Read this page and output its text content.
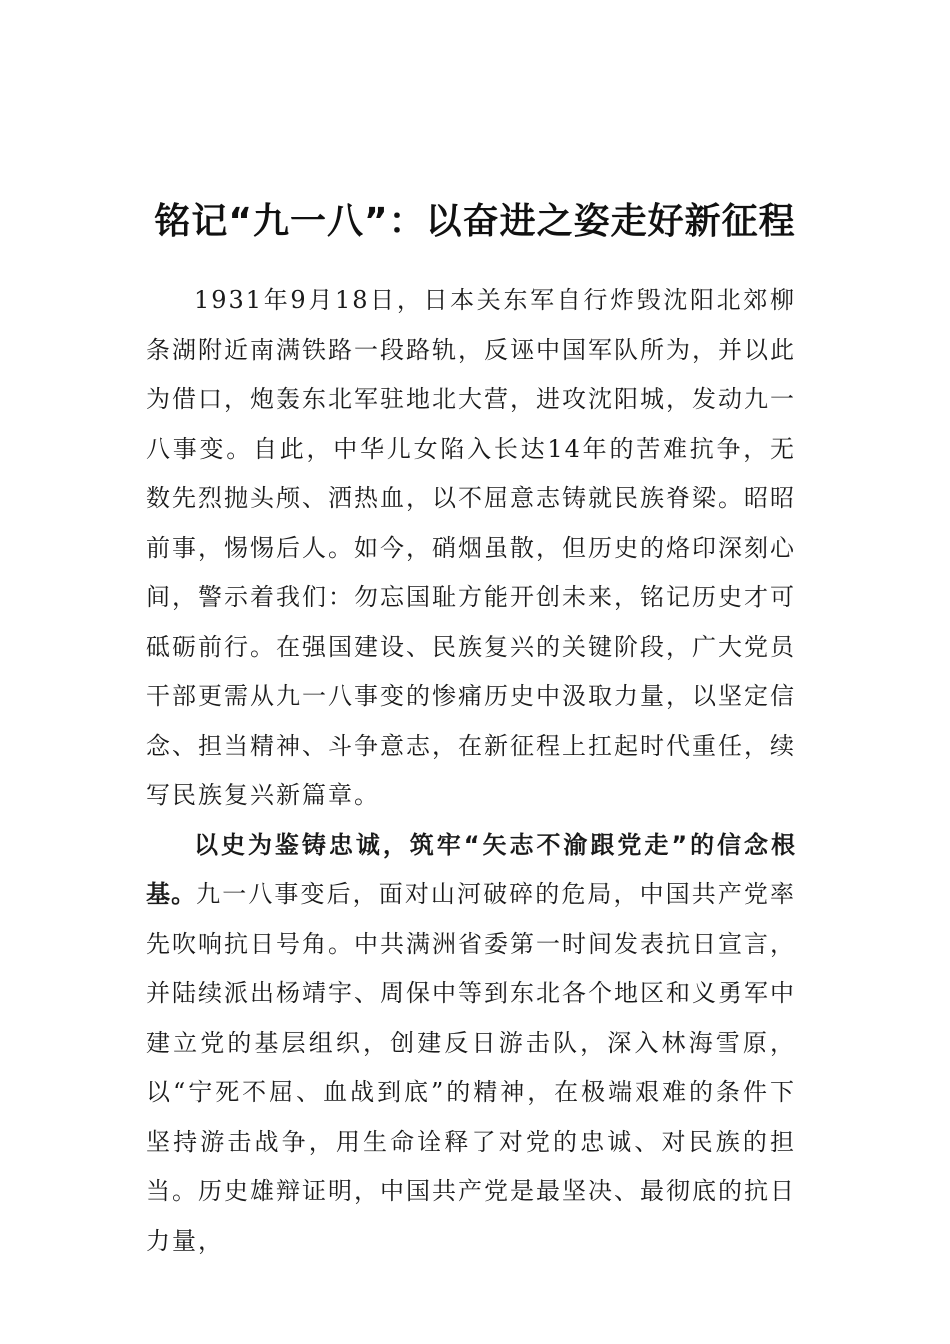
铭记“九一八”：以奋进之姿走好新征程

1931年9月18日，日本关东军自行炸毁沈阳北郊柳条湖附近南满铁路一段路轨，反诬中国军队所为，并以此为借口，炮轰东北军驻地北大营，进攻沈阳城，发动九一八事变。自此，中华儿女陷入长达14年的苦难抗争，无数先烈抛头颅、洒热血，以不屈意志铸就民族脊梁。昭昭前事，惕惕后人。如今，硝烟虽散，但历史的烙印深刻心间，警示着我们：勿忘国耻方能开创未来，铭记历史才可砥砺前行。在强国建设、民族复兴的关键阶段，广大党员干部更需从九一八事变的惨痛历史中汲取力量，以坚定信念、担当精神、斗争意志，在新征程上扛起时代重任，续写民族复兴新篇章。

以史为鉴铸忠诚，筑牢“矢志不渝跟党走”的信念根基。九一八事变后，面对山河破碎的危局，中国共产党率先吹响抗日号角。中共满洲省委第一时间发表抗日宣言，并陆续派出杨靖宇、周保中等到东北各个地区和义勇军中建立党的基层组织，创建反日游击队，深入林海雪原，以“宁死不屈、血战到底”的精神，在极端艰难的条件下坚持游击战争，用生命诠释了对党的忠诚、对民族的担当。历史雄辩证明，中国共产党是最坚决、最彻底的抗日力量，
